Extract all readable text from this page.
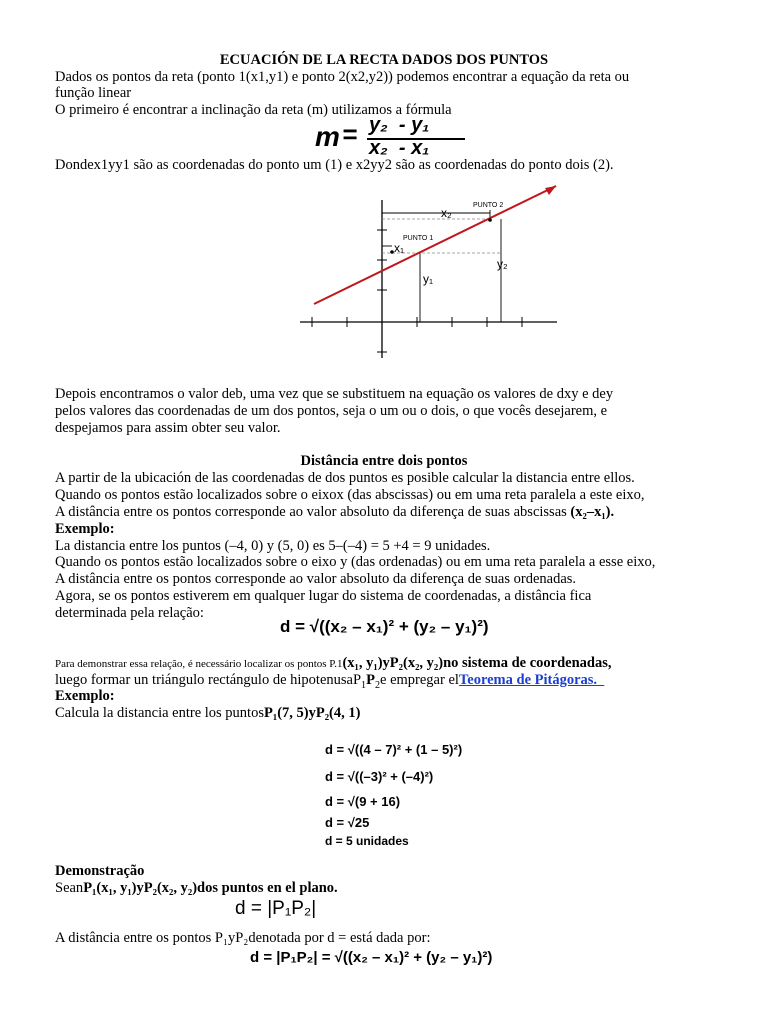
ECUACIÓN DE LA RECTA DADOS DOS PUNTOS
Dados os pontos da reta (ponto 1(x1,y1) e ponto 2(x2,y2)) podemos encontrar a equação da reta ou
função linear
O primeiro é encontrar a inclinação da reta (m) utilizamos a fórmula
m = y₂  - y₁
x₂  - x₁
Dondex1yy1 são as coordenadas do ponto um (1) e x2yy2 são as coordenadas do ponto dois (2).
x₂
x₁
y₁
y₂
PUNTO 1
PUNTO 2
Depois encontramos o valor deb, uma vez que se substituem na equação os valores de dxy e dey
pelos valores das coordenadas de um dos pontos, seja o um ou o dois, o que vocês desejarem, e
despejamos para assim obter seu valor.
Distância entre dois pontos
A partir de la ubicación de las coordenadas de dos puntos es posible calcular la distancia entre ellos.
Quando os pontos estão localizados sobre o eixox (das abscissas) ou em uma reta paralela a este eixo,
A distância entre os pontos corresponde ao valor absoluto da diferença de suas abscissas (x₂–x₁).
Exemplo:
La distancia entre los puntos (–4, 0) y (5, 0) es 5–(–4) = 5 +4 = 9 unidades.
Quando os pontos estão localizados sobre o eixo y (das ordenadas) ou em uma reta paralela a esse eixo,
A distância entre os pontos corresponde ao valor absoluto da diferença de suas ordenadas.
Agora, se os pontos estiverem em qualquer lugar do sistema de coordenadas, a distância fica
determinada pela relação:
d = √((x₂ – x₁)² + (y₂ – y₁)²)
Para demonstrar essa relação, é necessário localizar os pontos P.1(x₁, y₁)yP₂(x₂, y₂)no sistema de coordenadas,
luego formar un triángulo rectángulo de $hipotenusaP_1P_2e$ empregar elTeorema de Pitágoras.
Exemplo:
Calcula la distancia entre los puntosP₁(7, 5)yP₂(4, 1)
d = √((4 – 7)² + (1 – 5)²)
d = √((–3)² + (–4)²)
d = √(9 + 16)
d = √25
d = 5 unidades
Demonstração
SeanP₁(x₁, y₁)yP₂(x₂, y₂)dos puntos en el plano.
d = |P₁P₂|
A distância entre os pontos P₁yP₂denotada por d = está dada por:
d = |P₁P₂| = √((x₂ – x₁)² + (y₂ – y₁)²)
